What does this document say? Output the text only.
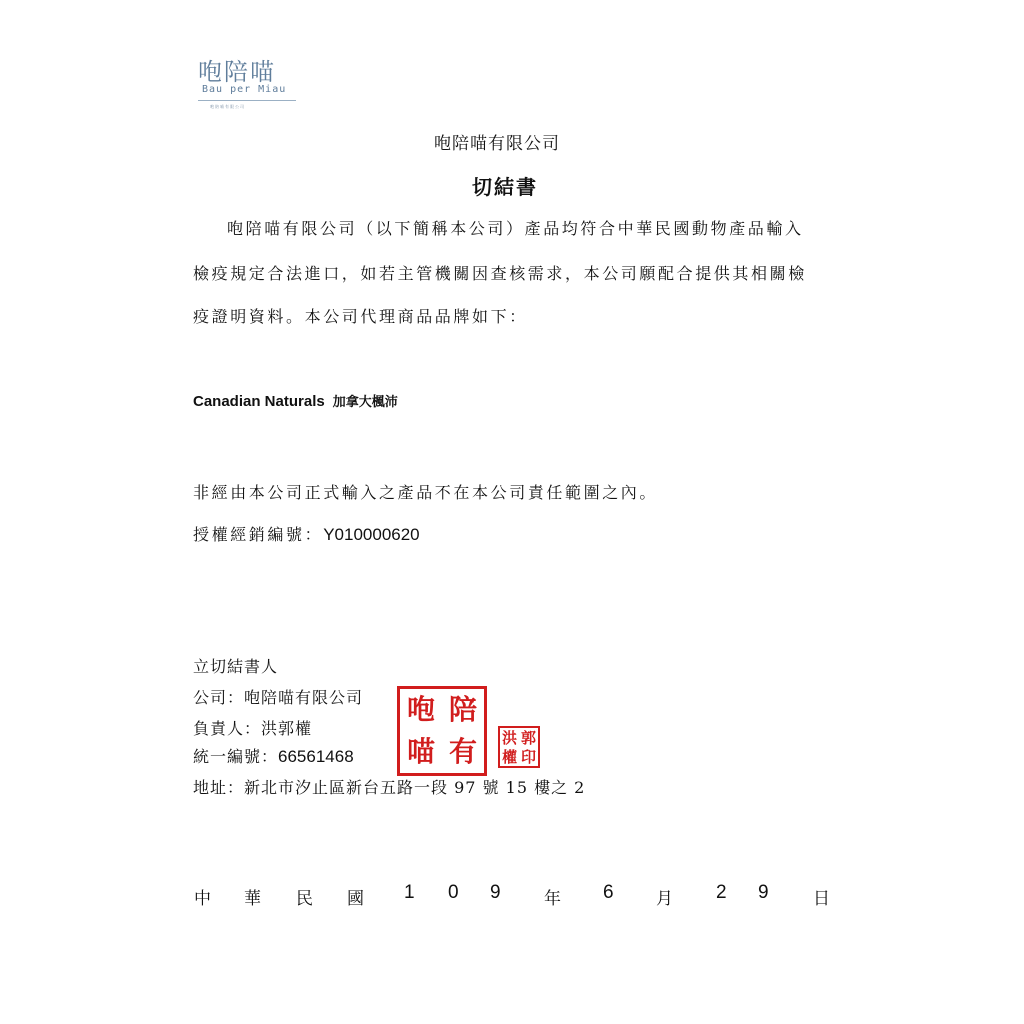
咆陪喵
Bau per Miau
咆陪喵有限公司
咆陪喵有限公司
切結書
咆陪喵有限公司（以下簡稱本公司）產品均符合中華民國動物產品輸入
檢疫規定合法進口，如若主管機關因查核需求，本公司願配合提供其相關檢
疫證明資料。本公司代理商品品牌如下：
Canadian Naturals 加拿大楓沛
非經由本公司正式輸入之產品不在本公司責任範圍之內。
授權經銷編號：Y010000620
立切結書人
公司：咆陪喵有限公司
負責人：洪郭權
統一編號：66561468
地址：新北市汐止區新台五路一段 97 號 15 樓之 2
咆 陪
喵 有	洪 郭
權 印
中 華 民 國 1 0 9	年 6 月 2 9	日
